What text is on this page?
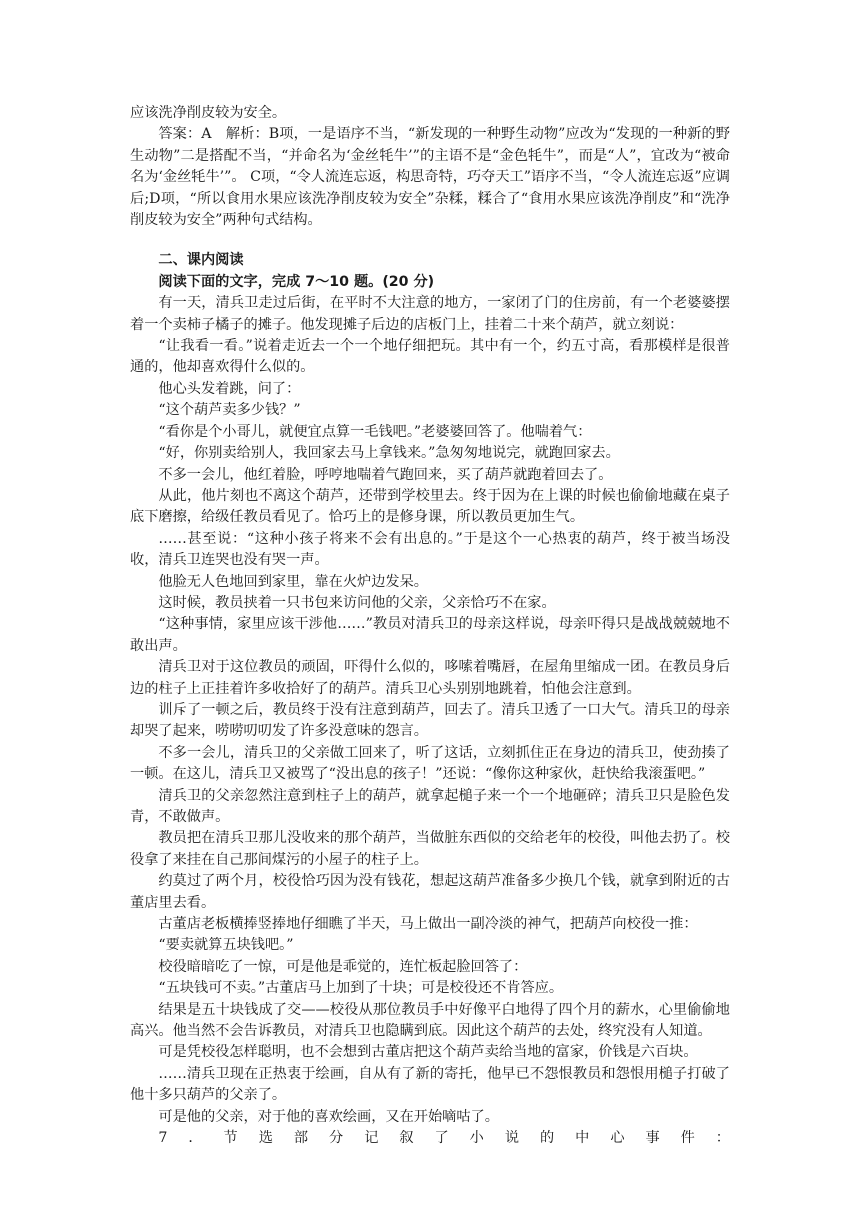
应该洗净削皮较为安全。

答案：A　解析：B项，一是语序不当，“新发现的一种野生动物”应改为“发现的一种新的野生动物”二是搭配不当，“并命名为‘金丝牦牛’”的主语不是“金色牦牛”，而是“人”，宜改为“被命名为‘金丝牦牛’”。 C项，“令人流连忘返，构思奇特，巧夺天工”语序不当，“令人流连忘返”应调后;D项，“所以食用水果应该洗净削皮较为安全”杂糅，糅合了“食用水果应该洗净削皮”和“洗净削皮较为安全”两种句式结构。

二、课内阅读

阅读下面的文字，完成 7～10 题。(20 分)

有一天，清兵卫走过后街，在平时不大注意的地方，一家闭了门的住房前，有一个老婆婆摆着一个卖柿子橘子的摊子。他发现摊子后边的店板门上，挂着二十来个葫芦，就立刻说：

“让我看一看。”说着走近去一个一个地仔细把玩。其中有一个，约五寸高，看那模样是很普通的，他却喜欢得什么似的。

他心头发着跳，问了：

“这个葫芦卖多少钱？”

“看你是个小哥儿，就便宜点算一毛钱吧。”老婆婆回答了。他喘着气：

“好，你别卖给别人，我回家去马上拿钱来。”急匆匆地说完，就跑回家去。

不多一会儿，他红着脸，呼哼地喘着气跑回来，买了葫芦就跑着回去了。

从此，他片刻也不离这个葫芦，还带到学校里去。终于因为在上课的时候也偷偷地藏在桌子底下磨擦，给级任教员看见了。恰巧上的是修身课，所以教员更加生气。

……甚至说：“这种小孩子将来不会有出息的。”于是这个一心热衷的葫芦，终于被当场没收，清兵卫连哭也没有哭一声。

他脸无人色地回到家里，靠在火炉边发呆。

这时候，教员挟着一只书包来访问他的父亲，父亲恰巧不在家。

“这种事情，家里应该干涉他……”教员对清兵卫的母亲这样说，母亲吓得只是战战兢兢地不敢出声。

清兵卫对于这位教员的顽固，吓得什么似的，哆嗦着嘴唇，在屋角里缩成一团。在教员身后边的柱子上正挂着许多收拾好了的葫芦。清兵卫心头别别地跳着，怕他会注意到。

训斥了一顿之后，教员终于没有注意到葫芦，回去了。清兵卫透了一口大气。清兵卫的母亲却哭了起来，唠唠叨叨发了许多没意味的怨言。

不多一会儿，清兵卫的父亲做工回来了，听了这话，立刻抓住正在身边的清兵卫，使劲揍了一顿。在这儿，清兵卫又被骂了“没出息的孩子！”还说：“像你这种家伙，赶快给我滚蛋吧。”

清兵卫的父亲忽然注意到柱子上的葫芦，就拿起槌子来一个一个地砸碎；清兵卫只是脸色发青，不敢做声。

教员把在清兵卫那儿没收来的那个葫芦，当做脏东西似的交给老年的校役，叫他去扔了。校役拿了来挂在自己那间煤污的小屋子的柱子上。

约莫过了两个月，校役恰巧因为没有钱花，想起这葫芦准备多少换几个钱，就拿到附近的古董店里去看。

古董店老板横捧竖捧地仔细瞧了半天，马上做出一副冷淡的神气，把葫芦向校役一推：

“要卖就算五块钱吧。”

校役暗暗吃了一惊，可是他是乖觉的，连忙板起脸回答了：

“五块钱可不卖。”古董店马上加到了十块；可是校役还不肯答应。

结果是五十块钱成了交——校役从那位教员手中好像平白地得了四个月的薪水，心里偷偷地高兴。他当然不会告诉教员，对清兵卫也隐瞒到底。因此这个葫芦的去处，终究没有人知道。

可是凭校役怎样聪明，也不会想到古董店把这个葫芦卖给当地的富家，价钱是六百块。

……清兵卫现在正热衷于绘画，自从有了新的寄托，他早已不怨恨教员和怨恨用槌子打破了他十多只葫芦的父亲了。

可是他的父亲，对于他的喜欢绘画，又在开始嘀咕了。

7．节选部分记叙了小说的中心事件：
